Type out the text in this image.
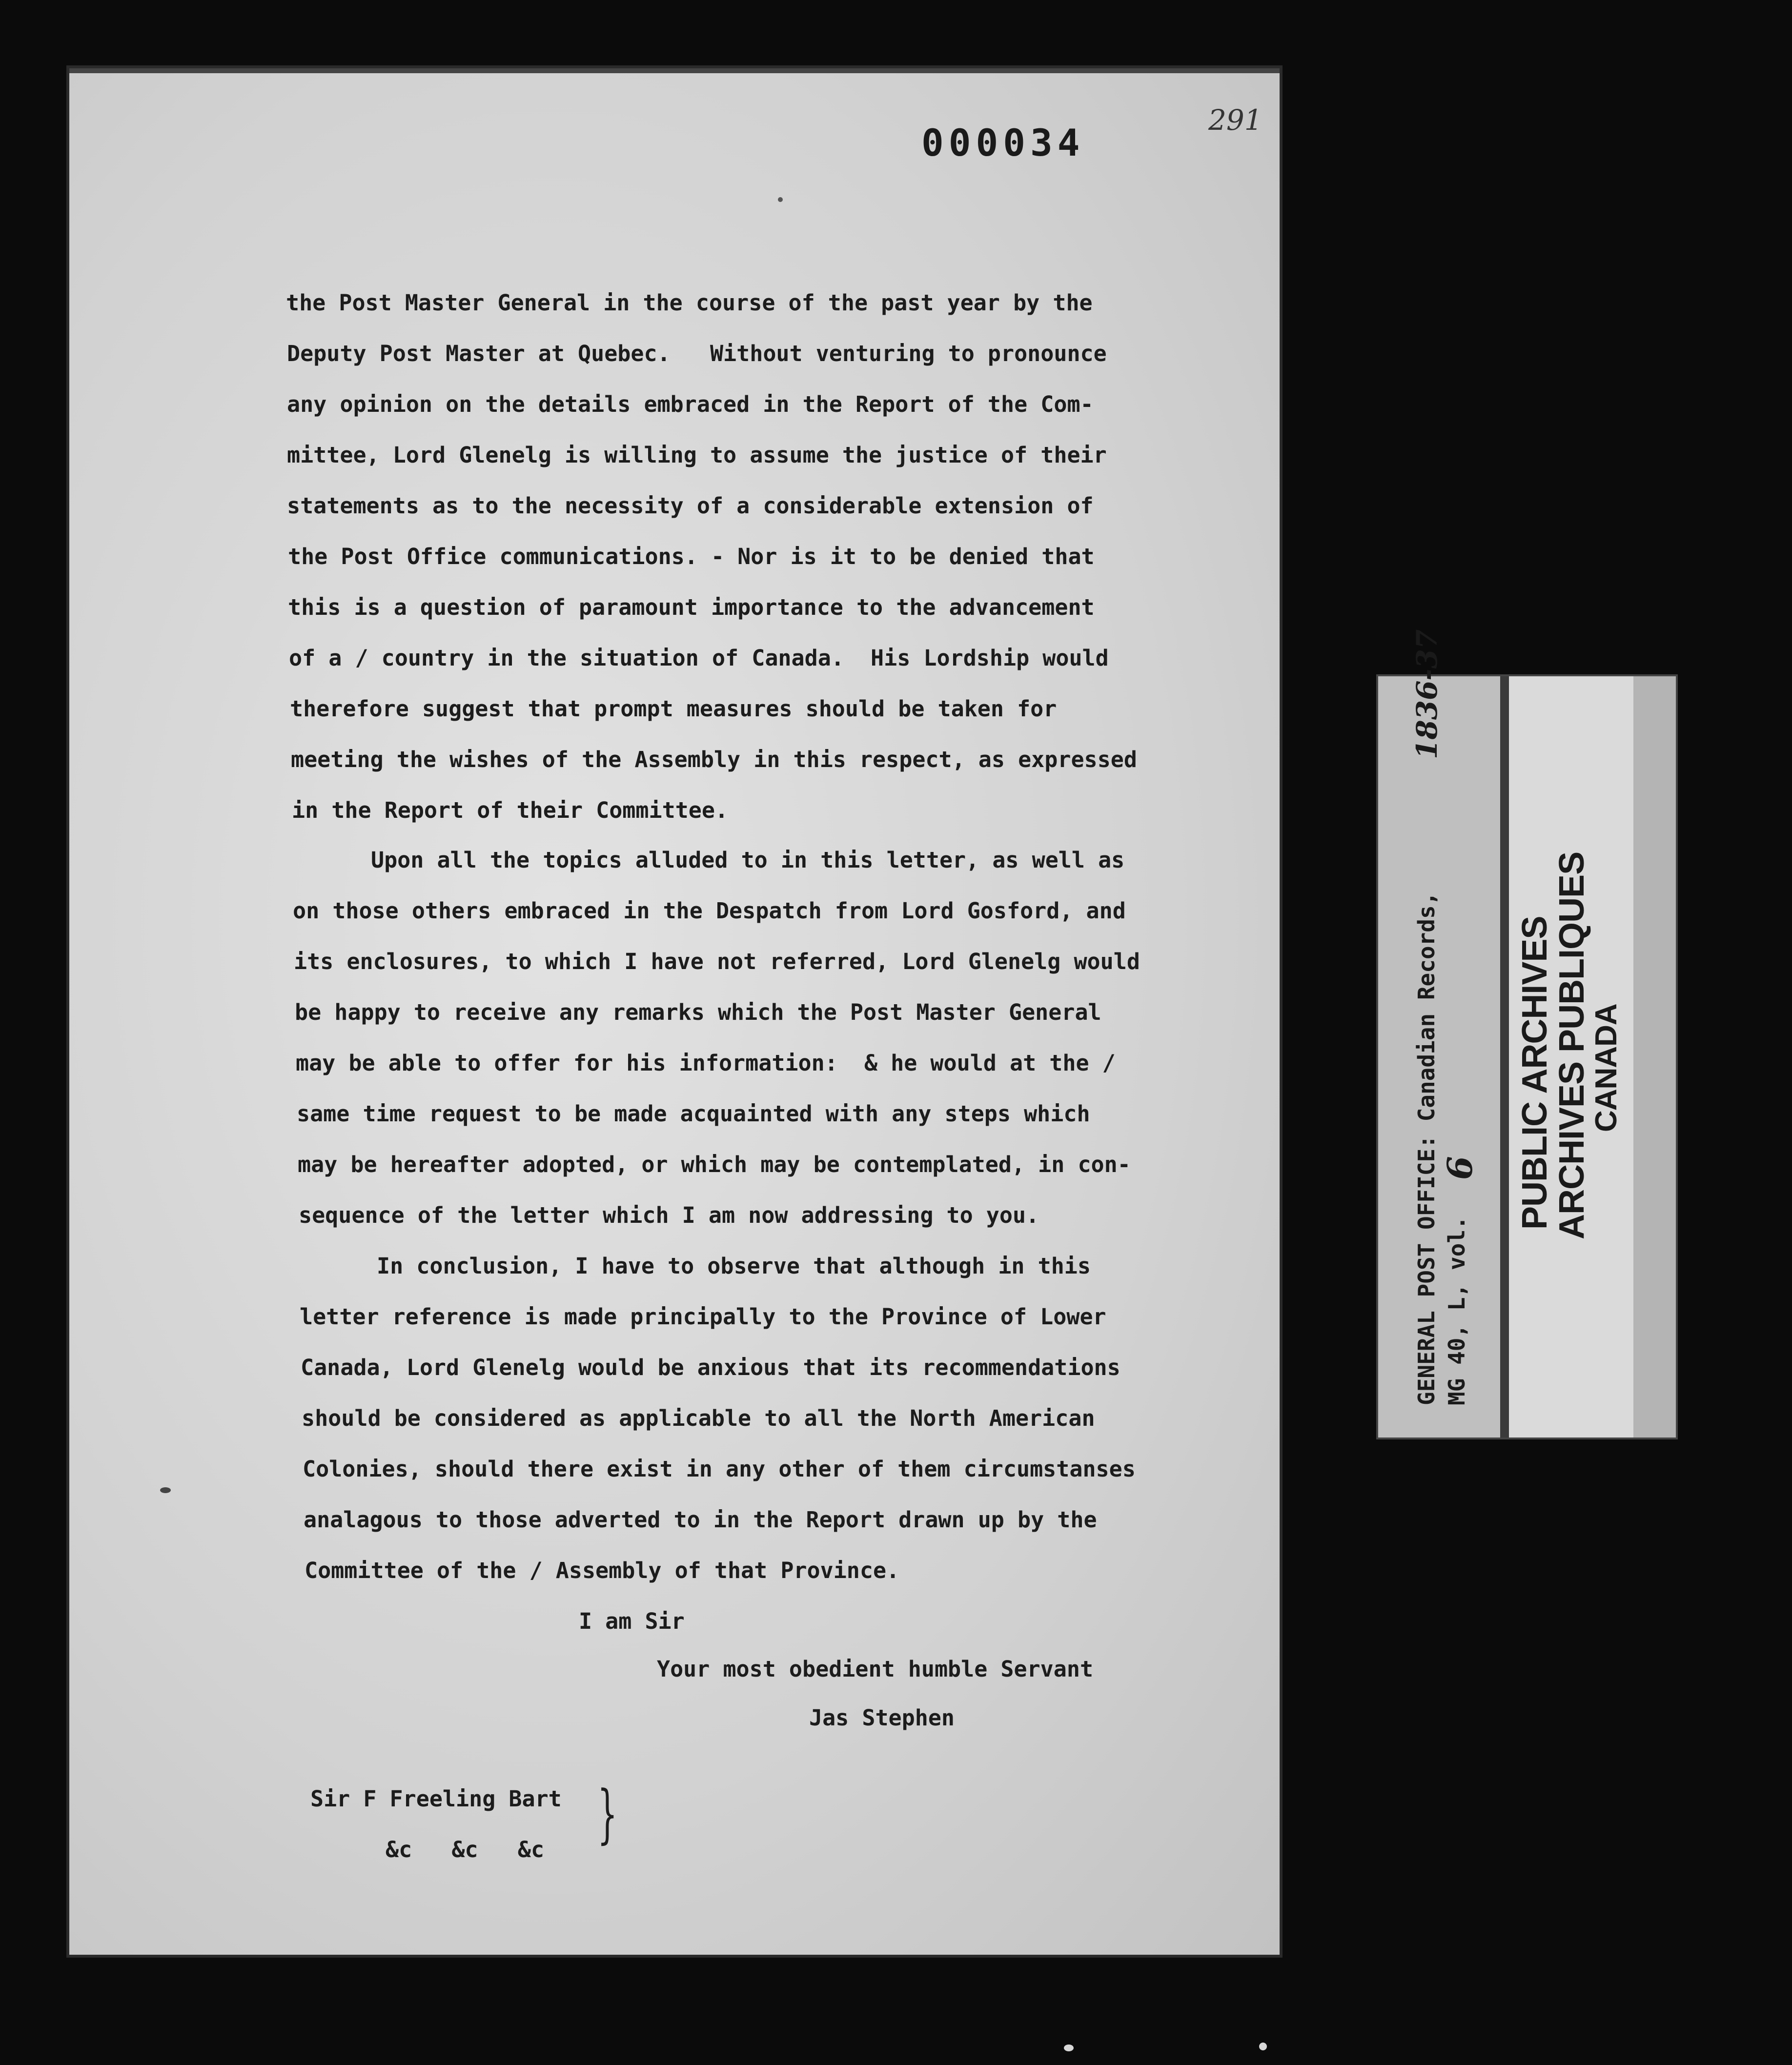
000034
291
the Post Master General in the course of the past year by the
Deputy Post Master at Quebec.   Without venturing to pronounce
any opinion on the details embraced in the Report of the Com-
mittee, Lord Glenelg is willing to assume the justice of their
statements as to the necessity of a considerable extension of
the Post Office communications. - Nor is it to be denied that
this is a question of paramount importance to the advancement
of a / country in the situation of Canada.  His Lordship would
therefore suggest that prompt measures should be taken for
meeting the wishes of the Assembly in this respect, as expressed
in the Report of their Committee.
Upon all the topics alluded to in this letter, as well as
on those others embraced in the Despatch from Lord Gosford, and
its enclosures, to which I have not referred, Lord Glenelg would
be happy to receive any remarks which the Post Master General
may be able to offer for his information:  & he would at the /
same time request to be made acquainted with any steps which
may be hereafter adopted, or which may be contemplated, in con-
sequence of the letter which I am now addressing to you.
In conclusion, I have to observe that although in this
letter reference is made principally to the Province of Lower
Canada, Lord Glenelg would be anxious that its recommendations
should be considered as applicable to all the North American
Colonies, should there exist in any other of them circumstanses
analagous to those adverted to in the Report drawn up by the
Committee of the / Assembly of that Province.
I am Sir
Your most obedient humble Servant
Jas Stephen
Sir F Freeling Bart
&c   &c   &c }
GENERAL POST OFFICE: Canadian Records,
1836-37
MG 40, L, vol.
6 PUBLIC ARCHIVES
ARCHIVES PUBLIQUES
CANADA
